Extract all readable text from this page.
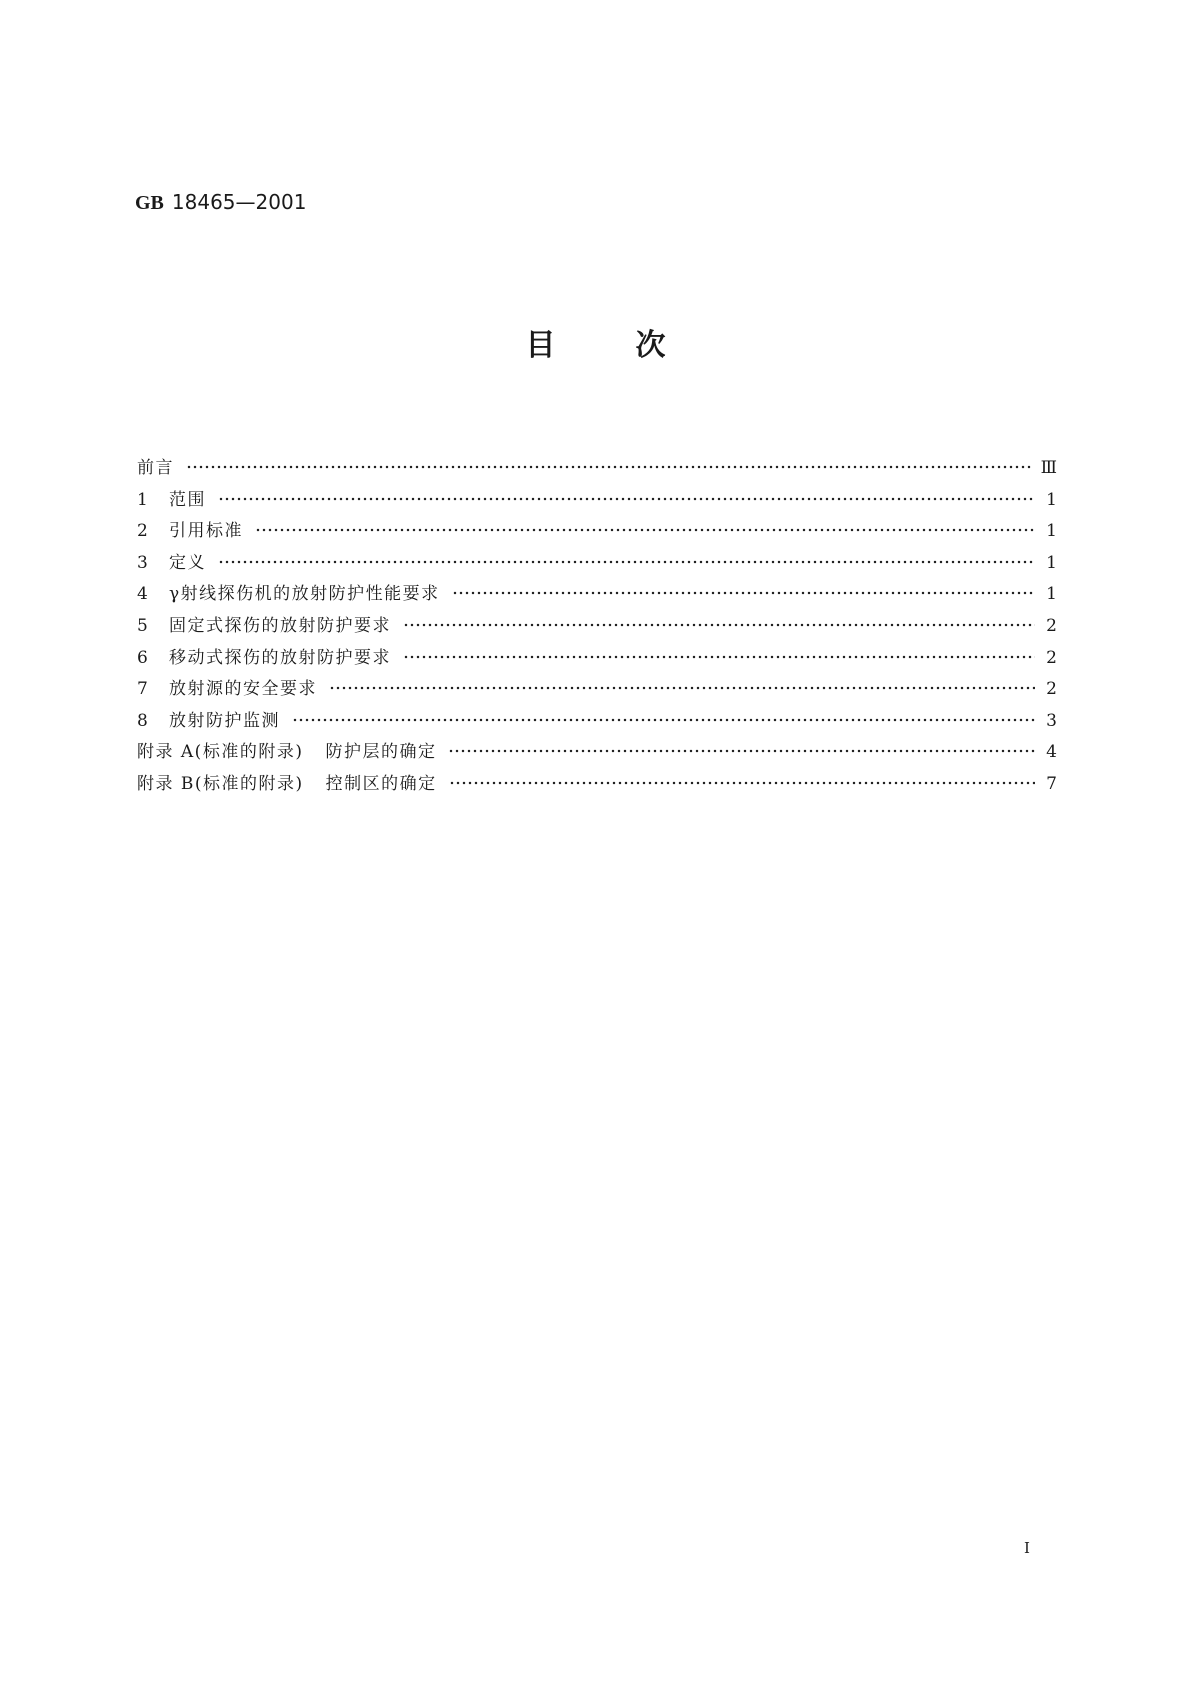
GB 18465—2001
目次
前言	Ⅲ
1	范围	1
2	引用标准	1
3	定义	1
4	γ射线探伤机的放射防护性能要求	1
5	固定式探伤的放射防护要求	2
6	移动式探伤的放射防护要求	2
7	放射源的安全要求	2
8	放射防护监测	3
附录 A(标准的附录) 防护层的确定	4
附录 B(标准的附录) 控制区的确定	7
I
